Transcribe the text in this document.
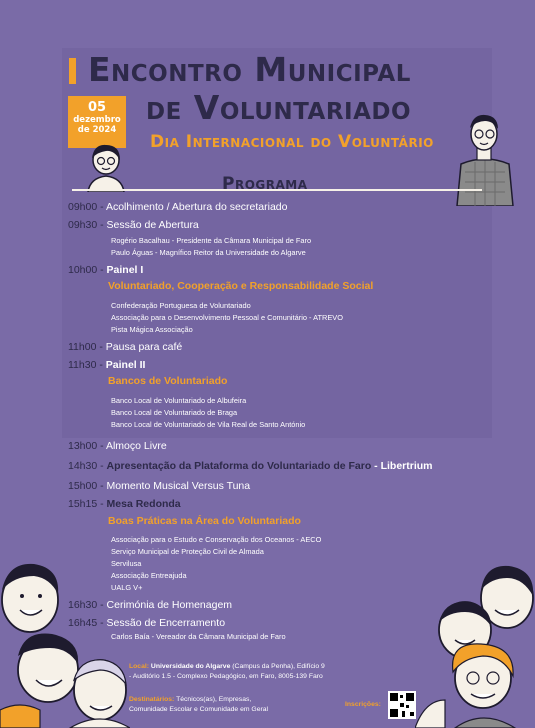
Encontro Municipal
de Voluntariado
Dia Internacional do Voluntário
05
dezembro
de 2024
Programa
09h00 - Acolhimento / Abertura do secretariado
09h30 - Sessão de Abertura
Rogério Bacalhau - Presidente da Câmara Municipal de Faro
Paulo Águas - Magnífico Reitor da Universidade do Algarve
10h00 - Painel I
Voluntariado, Cooperação e Responsabilidade Social
Confederação Portuguesa de Voluntariado
Associação para o Desenvolvimento Pessoal e Comunitário - ATREVO
Pista Mágica Associação
11h00 - Pausa para café
11h30 - Painel II
Bancos de Voluntariado
Banco Local de Voluntariado de Albufeira
Banco Local de Voluntariado de Braga
Banco Local de Voluntariado de Vila Real de Santo António
13h00 - Almoço Livre
14h30 - Apresentação da Plataforma do Voluntariado de Faro - Libertrium
15h00 - Momento Musical Versus Tuna
15h15 - Mesa Redonda
Boas Práticas na Área do Voluntariado
Associação para o Estudo e Conservação dos Oceanos - AECO
Serviço Municipal de Proteção Civil de Almada
Servilusa
Associação Entreajuda
UALG V+
16h30 - Cerimónia de Homenagem
16h45 - Sessão de Encerramento
Carlos Baía - Vereador da Câmara Municipal de Faro
Local: Universidade do Algarve (Campus da Penha), Edifício 9
- Auditório 1.5 - Complexo Pedagógico, em Faro, 8005-139 Faro
Destinatários: Técnicos(as), Empresas,
Comunidade Escolar e Comunidade em Geral
Inscrições:
